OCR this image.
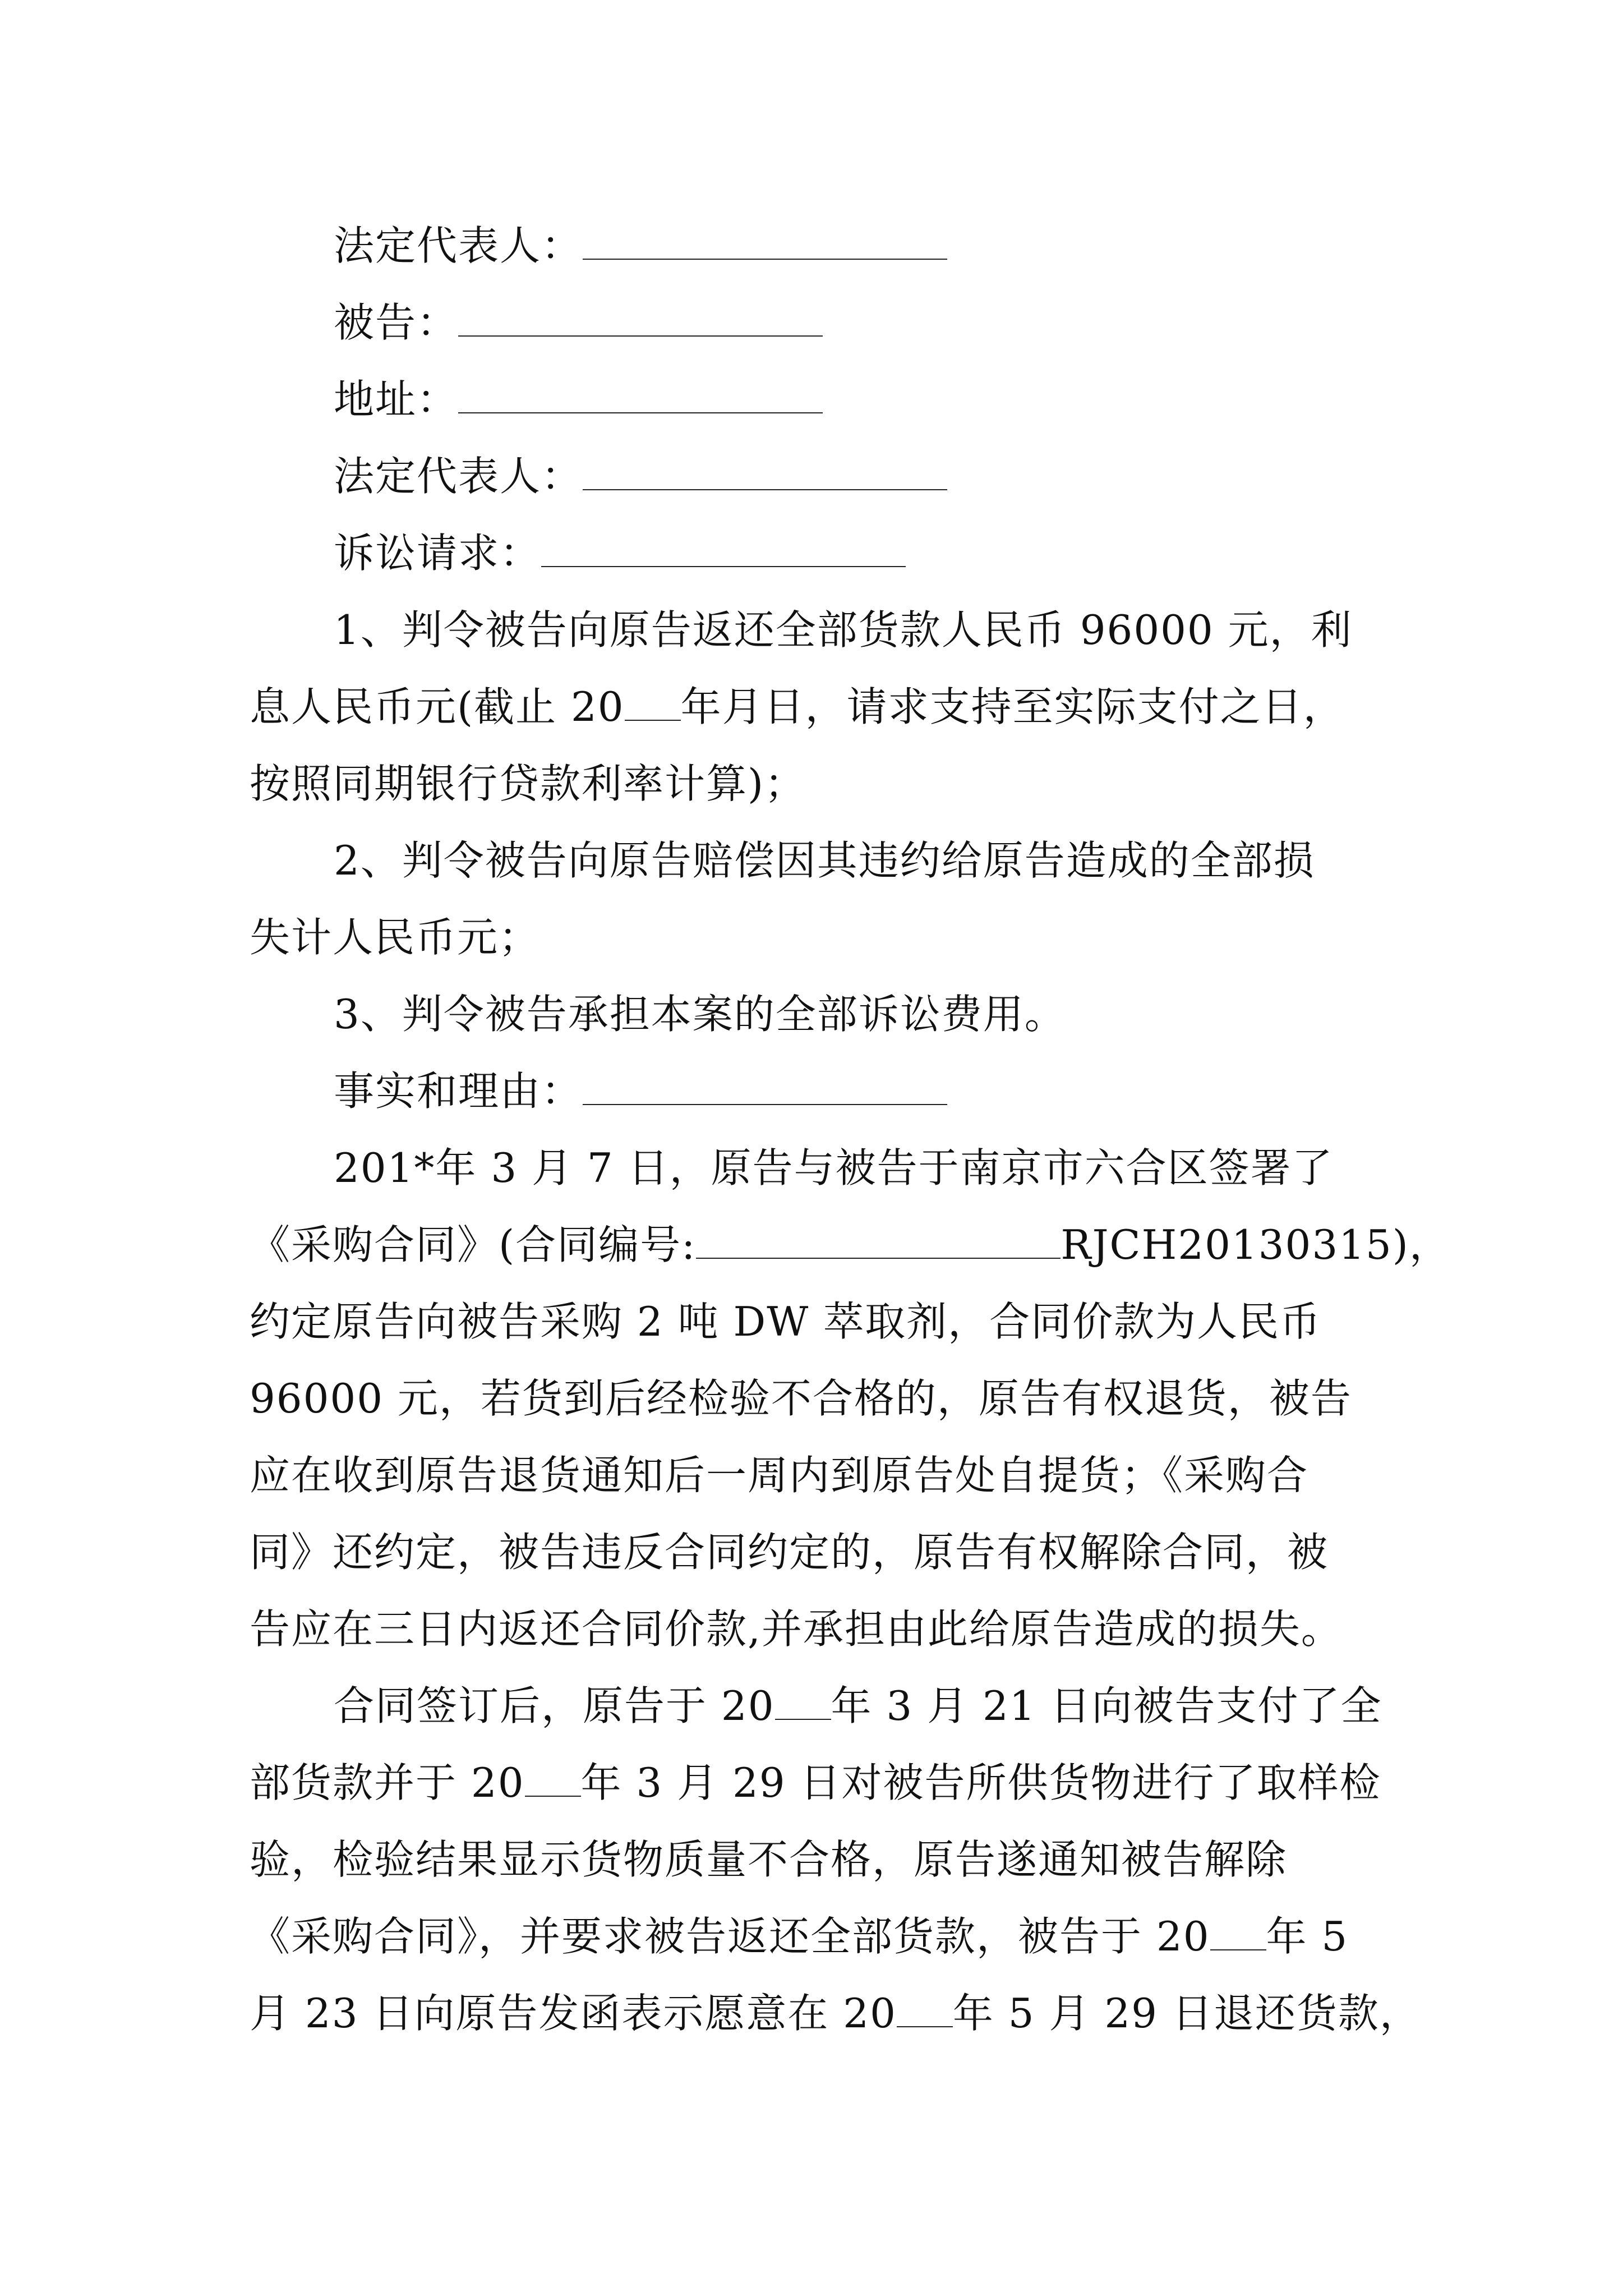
法定代表人：
被告：
地址：
法定代表人：
诉讼请求：
1、判令被告向原告返还全部货款人民币 96000 元，利
息人民币元(截止 20 年月日，请求支持至实际支付之日，
按照同期银行贷款利率计算)；
2、判令被告向原告赔偿因其违约给原告造成的全部损
失计人民币元；
3、判令被告承担本案的全部诉讼费用。
事实和理由：
201*年 3 月 7 日，原告与被告于南京市六合区签署了
《采购合同》(合同编号:	RJCH20130315)，
约定原告向被告采购 2 吨 DW 萃取剂，合同价款为人民币
96000 元，若货到后经检验不合格的，原告有权退货，被告
应在收到原告退货通知后一周内到原告处自提货；《采购合
同》还约定，被告违反合同约定的，原告有权解除合同，被
告应在三日内返还合同价款,并承担由此给原告造成的损失。
合同签订后，原告于 20 年 3 月 21 日向被告支付了全
部货款并于 20 年 3 月 29 日对被告所供货物进行了取样检
验，检验结果显示货物质量不合格，原告遂通知被告解除
《采购合同》，并要求被告返还全部货款，被告于 20 年 5
月 23 日向原告发函表示愿意在 20 年 5 月 29 日退还货款，
